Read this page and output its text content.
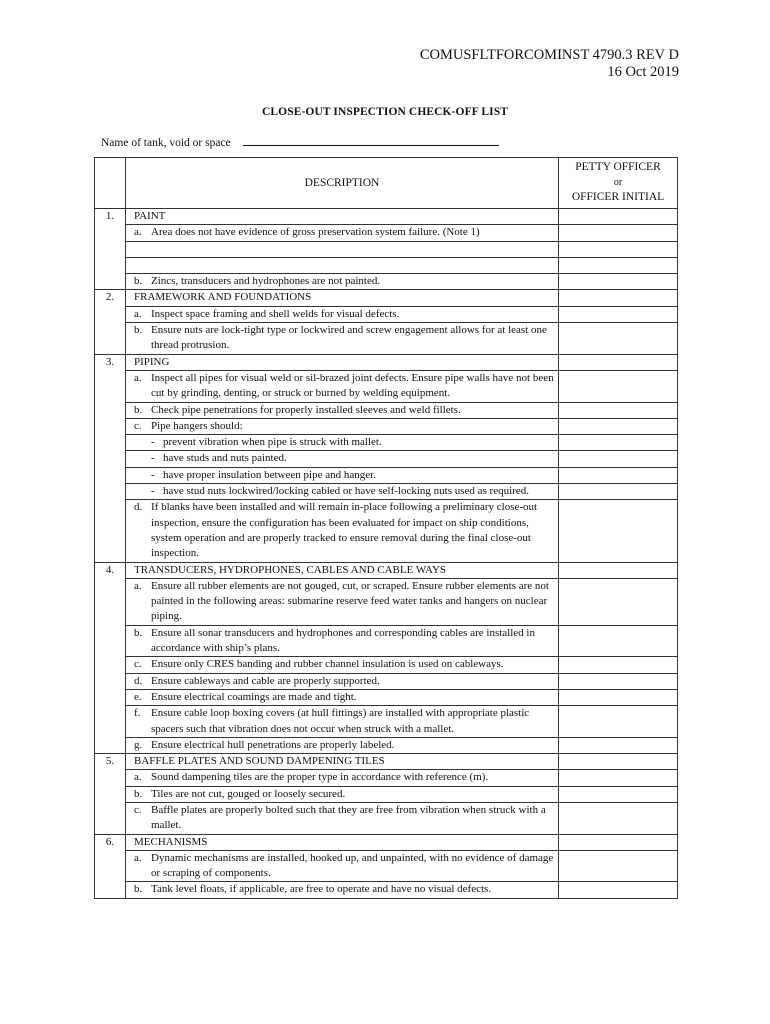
COMUSFLTFORCOMINST 4790.3 REV D
16 Oct 2019
CLOSE-OUT INSPECTION CHECK-OFF LIST
Name of tank, void or space
	DESCRIPTION	PETTY OFFICER
or
OFFICER INITIAL

1.	PAINT	

	a. Area does not have evidence of gross preservation system failure. (Note 1)	

	b. Zincs, transducers and hydrophones are not painted.	

2.	FRAMEWORK AND FOUNDATIONS	

	a. Inspect space framing and shell welds for visual defects.	

	b. Ensure nuts are lock-tight type or lockwired and screw engagement allows for at least one thread protrusion.	

3.	PIPING	

	a. Inspect all pipes for visual weld or sil-brazed joint defects. Ensure pipe walls have not been cut by grinding, denting, or struck or burned by welding equipment.	

	b. Check pipe penetrations for properly installed sleeves and weld fillets.	

	c. Pipe hangers should:	

	- prevent vibration when pipe is struck with mallet.	

	- have studs and nuts painted.	

	- have proper insulation between pipe and hanger.	

	- have stud nuts lockwired/locking cabled or have self-locking nuts used as required.	

	d. If blanks have been installed and will remain in-place following a preliminary close-out inspection, ensure the configuration has been evaluated for impact on ship conditions, system operation and are properly tracked to ensure removal during the final close-out inspection.	

4.	TRANSDUCERS, HYDROPHONES, CABLES AND CABLE WAYS	

	a. Ensure all rubber elements are not gouged, cut, or scraped. Ensure rubber elements are not painted in the following areas: submarine reserve feed water tanks and hangers on nuclear piping.	

	b. Ensure all sonar transducers and hydrophones and corresponding cables are installed in accordance with ship’s plans.	

	c. Ensure only CRES banding and rubber channel insulation is used on cableways.	

	d. Ensure cableways and cable are properly supported.	

	e. Ensure electrical coamings are made and tight.	

	f. Ensure cable loop boxing covers (at hull fittings) are installed with appropriate plastic spacers such that vibration does not occur when struck with a mallet.	

	g. Ensure electrical hull penetrations are properly labeled.	

5.	BAFFLE PLATES AND SOUND DAMPENING TILES	

	a. Sound dampening tiles are the proper type in accordance with reference (m).	

	b. Tiles are not cut, gouged or loosely secured.	

	c. Baffle plates are properly bolted such that they are free from vibration when struck with a mallet.	

6.	MECHANISMS	

	a. Dynamic mechanisms are installed, hooked up, and unpainted, with no evidence of damage or scraping of components.	

	b. Tank level floats, if applicable, are free to operate and have no visual defects.	
